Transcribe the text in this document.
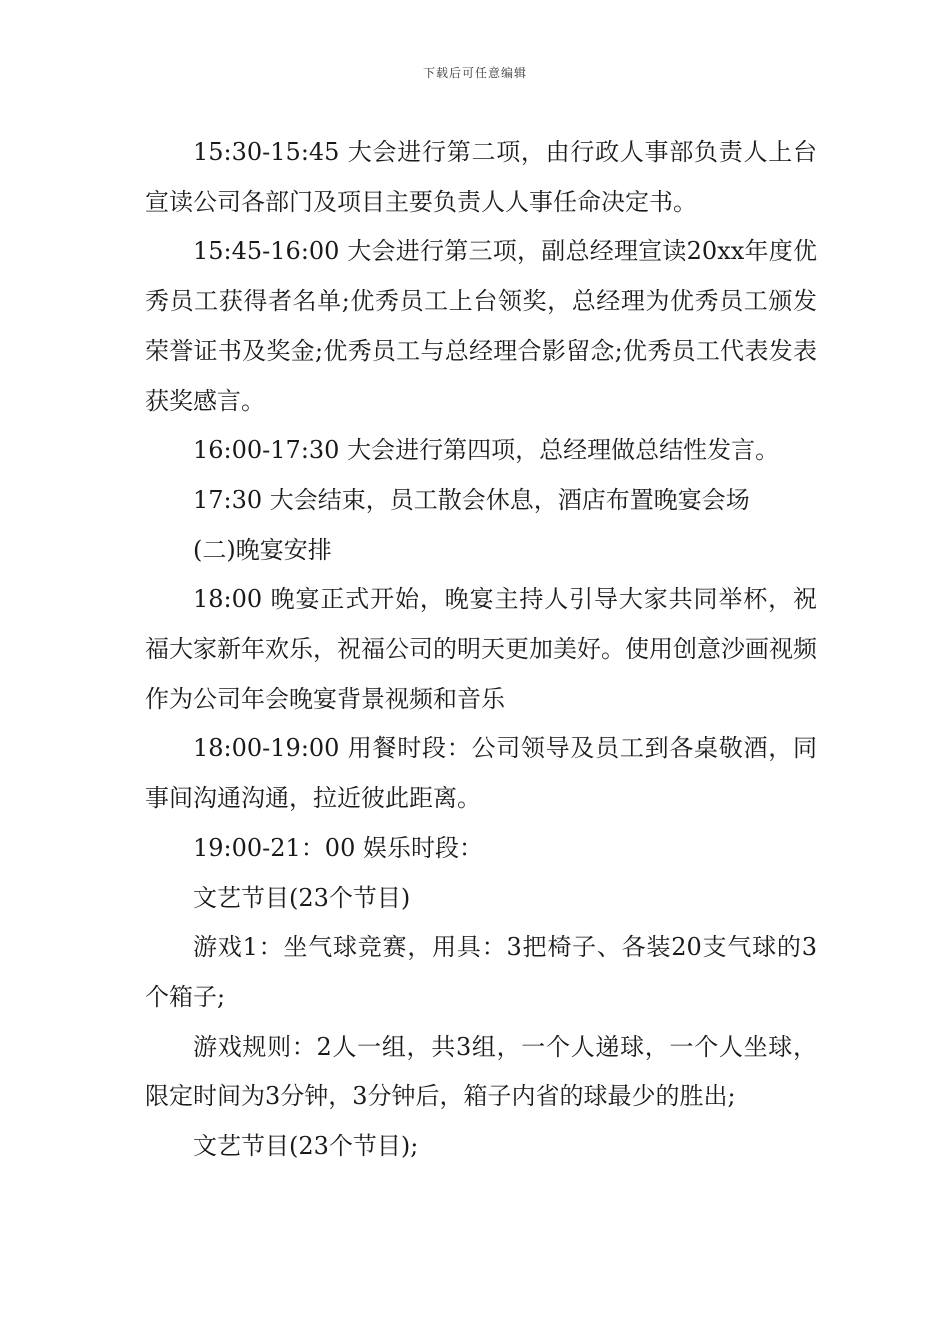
下载后可任意编辑

15:30-15:45 大会进行第二项，由行政人事部负责人上台宣读公司各部门及项目主要负责人人事任命决定书。

15:45-16:00 大会进行第三项，副总经理宣读20xx年度优秀员工获得者名单;优秀员工上台领奖，总经理为优秀员工颁发荣誉证书及奖金;优秀员工与总经理合影留念;优秀员工代表发表获奖感言。

16:00-17:30 大会进行第四项，总经理做总结性发言。

17:30 大会结束，员工散会休息，酒店布置晚宴会场

(二)晚宴安排

18:00 晚宴正式开始，晚宴主持人引导大家共同举杯，祝福大家新年欢乐，祝福公司的明天更加美好。使用创意沙画视频作为公司年会晚宴背景视频和音乐

18:00-19:00 用餐时段：公司领导及员工到各桌敬酒，同事间沟通沟通，拉近彼此距离。

19:00-21：00 娱乐时段：

文艺节目(23个节目)

游戏1：坐气球竞赛，用具：3把椅子、各装20支气球的3个箱子;

游戏规则：2人一组，共3组，一个人递球，一个人坐球，限定时间为3分钟，3分钟后，箱子内省的球最少的胜出;

文艺节目(23个节目);
